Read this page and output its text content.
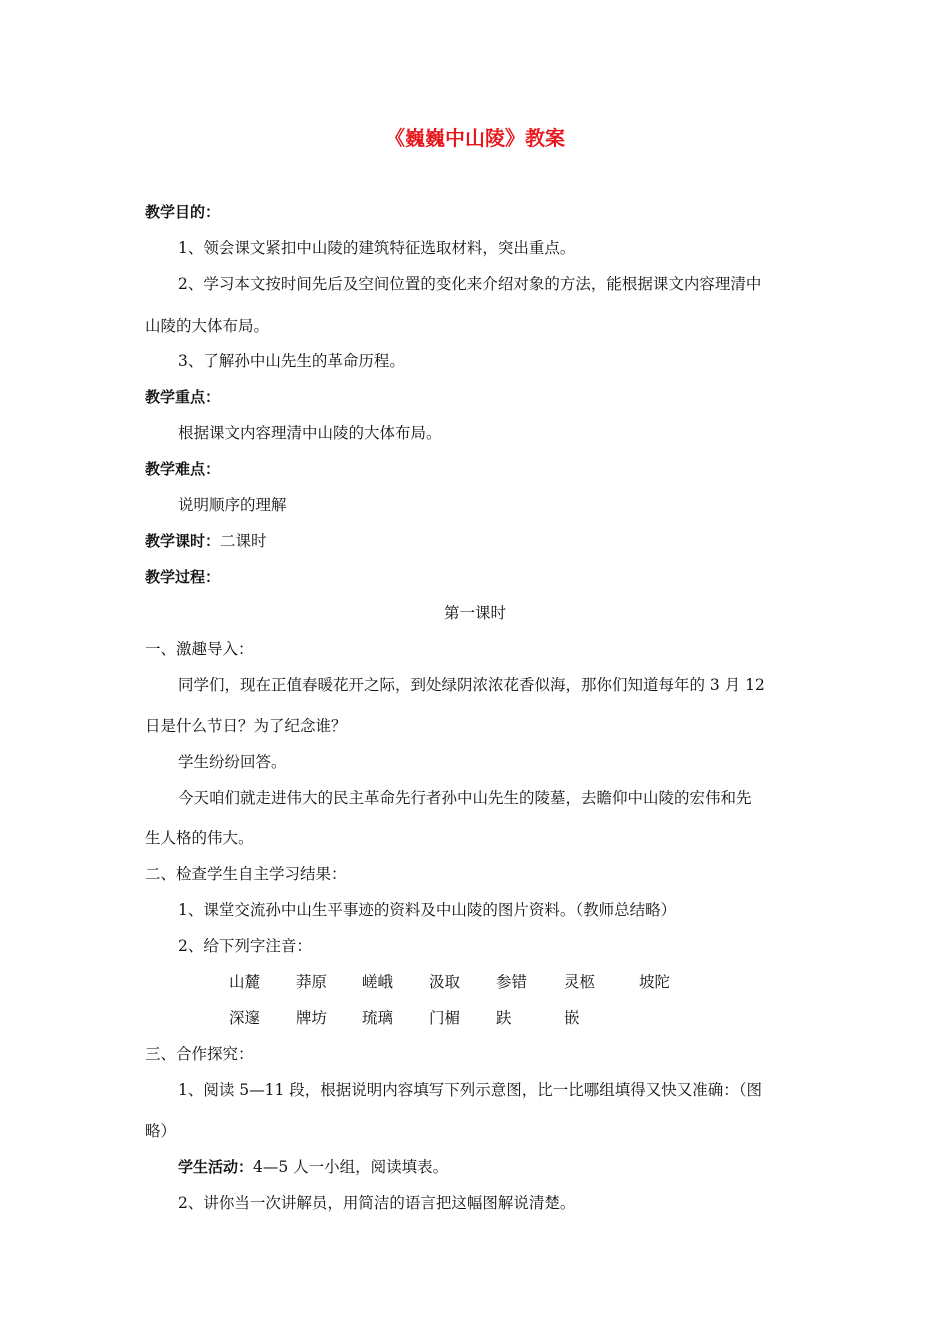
《巍巍中山陵》教案
教学目的：
1、领会课文紧扣中山陵的建筑特征选取材料，突出重点。
2、学习本文按时间先后及空间位置的变化来介绍对象的方法，能根据课文内容理清中
山陵的大体布局。
3、了解孙中山先生的革命历程。
教学重点：
根据课文内容理清中山陵的大体布局。
教学难点：
说明顺序的理解
教学课时：二课时
教学过程：
第一课时
一、激趣导入：
同学们，现在正值春暖花开之际，到处绿阴浓浓花香似海，那你们知道每年的 3 月 12
日是什么节日？为了纪念谁？
学生纷纷回答。
今天咱们就走进伟大的民主革命先行者孙中山先生的陵墓，去瞻仰中山陵的宏伟和先
生人格的伟大。
二、检查学生自主学习结果：
1、课堂交流孙中山生平事迹的资料及中山陵的图片资料。（教师总结略）
2、给下列字注音：
山麓 莽原 嵯峨 汲取 参错 灵柩	坡陀
深邃 牌坊 琉璃 门楣 趺	嵌
三、合作探究：
1、阅读 5—11 段，根据说明内容填写下列示意图，比一比哪组填得又快又准确：（图
略）
学生活动：4—5 人一小组，阅读填表。
2、讲你当一次讲解员，用简洁的语言把这幅图解说清楚。
